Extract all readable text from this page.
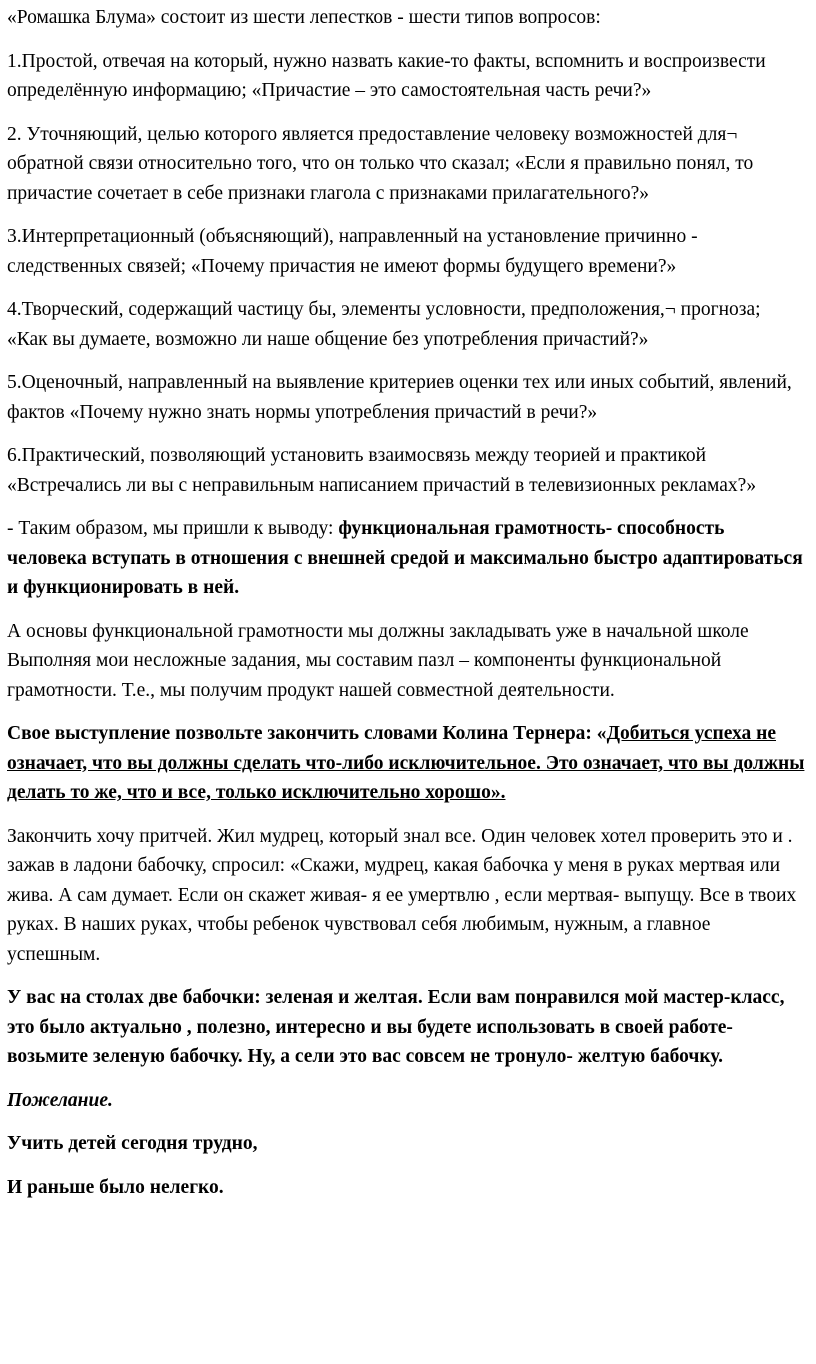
«Ромашка Блума» состоит из шести лепестков - шести типов вопросов:

1.Простой, отвечая на который, нужно назвать какие-то факты, вспомнить и воспроизвести определённую информацию; «Причастие – это самостоятельная часть речи?»

2. Уточняющий, целью которого является предоставление человеку возможностей для¬ обратной связи относительно того, что он только что сказал; «Если я правильно понял, то причастие сочетает в себе признаки глагола с признаками прилагательного?»

3.Интерпретационный (объясняющий), направленный на установление причинно - следственных связей; «Почему причастия не имеют формы будущего времени?»

4.Творческий, содержащий частицу бы, элементы условности, предположения,¬ прогноза; «Как вы думаете, возможно ли наше общение без употребления причастий?»

5.Оценочный, направленный на выявление критериев оценки тех или иных событий, явлений, фактов «Почему нужно знать нормы употребления причастий в речи?»

6.Практический, позволяющий установить взаимосвязь между теорией и практикой «Встречались ли вы с неправильным написанием причастий в телевизионных рекламах?»

- Таким образом, мы пришли к выводу: функциональная грамотность- способность человека вступать в отношения с внешней средой и максимально быстро адаптироваться и функционировать в ней.

А основы функциональной грамотности мы должны закладывать уже в начальной школе Выполняя мои несложные задания, мы составим пазл – компоненты функциональной грамотности. Т.е., мы получим продукт нашей совместной деятельности.

Свое выступление позвольте закончить словами Колина Тернера: «Добиться успеха не означает, что вы должны сделать что-либо исключительное. Это означает, что вы должны делать то же, что и все, только исключительно хорошо».

Закончить хочу притчей. Жил мудрец, который знал все. Один человек хотел проверить это и . зажав в ладони бабочку, спросил: «Скажи, мудрец, какая бабочка у меня в руках мертвая или жива. А сам думает. Если он скажет живая- я ее умертвлю , если мертвая- выпущу. Все в твоих руках. В наших руках, чтобы ребенок чувствовал себя любимым, нужным, а главное успешным.

У вас на столах две бабочки: зеленая и желтая. Если вам понравился мой мастер-класс, это было актуально , полезно, интересно и вы будете использовать в своей работе-возьмите зеленую бабочку. Ну, а сели это вас совсем не тронуло- желтую бабочку.

Пожелание.

Учить детей сегодня трудно,

И раньше было нелегко.
